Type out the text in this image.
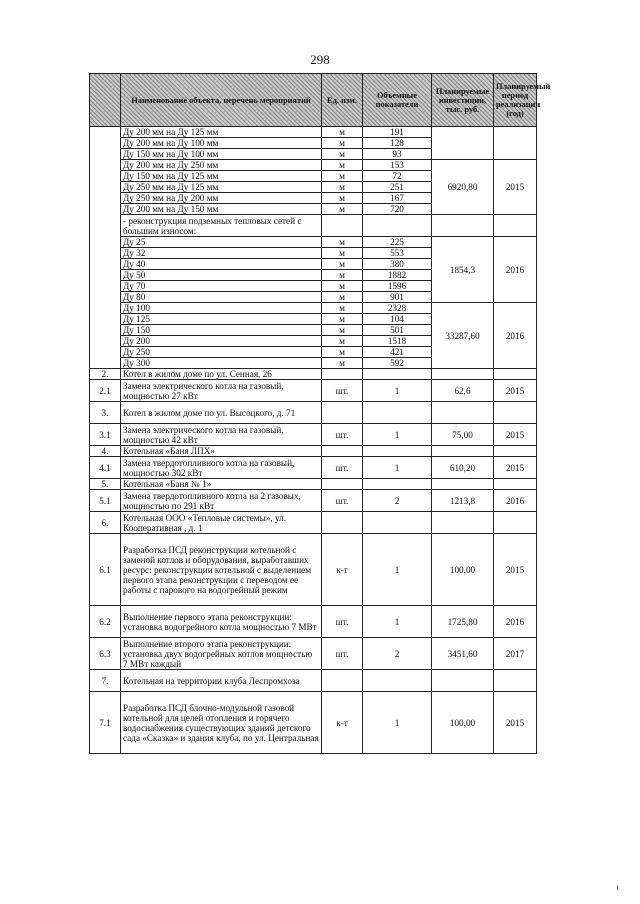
298
	Наименование объекта, перечень мероприятий	Ед. изм.	Объемные показатели	Планируемые инвестиции, тыс. руб.	Планируемый период реализации (год)
	Ду 200 мм на Ду 125 мм	м	191		
	Ду 200 мм на Ду 100 мм	м	128		
	Ду 150 мм на Ду 100 мм	м	93		
	Ду 200 мм на Ду 250 мм	м	153	6920,80	2015
	Ду 150 мм на Ду 125 мм	м	72		
	Ду 250 мм на Ду 125 мм	м	251		
	Ду 250 мм на Ду 200 мм	м	167		
	Ду 200 мм на Ду 150 мм	м	720		
	- реконструкция подземных тепловых сетей с большим износом:				
	Ду 25	м	225	1854,3	2016
	Ду 32	м	553		
	Ду 40	м	380		
	Ду 50	м	1882		
	Ду 70	м	1596		
	Ду 80	м	901		
	Ду 100	м	2328	33287,60	2016
	Ду 125	м	104		
	Ду 150	м	501		
	Ду 200	м	1518		
	Ду 250	м	421		
	Ду 300	м	592		
2.	Котел в жилом доме по ул. Сенная, 26				
2.1	Замена электрического котла на газовый, мощностью 27 кВт	шт.	1	62,6	2015
3.	Котел в жилом доме по ул. Высоцкого, д. 71				
3.1	Замена электрического котла на газовый, мощностью 42 кВт	шт.	1	75,00	2015
4.	Котельная «Баня ЛПХ»				
4.1	Замена твердотопливного котла на газовый, мощностью 302 кВт	шт.	1	610,20	2015
5.	Котельная «Баня № 1»				
5.1	Замена твердотопливного котла на 2 газовых, мощностью по 291 кВт	шт.	2	1213,8	2016
6.	Котельная ООО «Тепловые системы», ул. Кооперативная , д. 1				
6.1	Разработка ПСД реконструкции котельной с заменой котлов и оборудования, выработавших ресурс: реконструкции котельной с выделением первого этапа реконструкции с переводом ее работы с парового на водогрейный режим	к-т	1	100,00	2015
6.2	Выполнение первого этапа реконструкции: установка водогрейного котла мощностью 7 МВт	шт.	1	1725,80	2016
6.3	Выполнение второго этапа реконструкции: установка двух водогрейных котлов мощностью 7 МВт каждый	шт.	2	3451,60	2017
7.	Котельная на территории клуба Леспромхоза				
7.1	Разработка ПСД блочно-модульной газовой котельной для целей отопления и горячего водоснабжения существующих зданий детского сада «Сказка» и здания клуба, по ул. Центральная	к-т	1	100,00	2015
